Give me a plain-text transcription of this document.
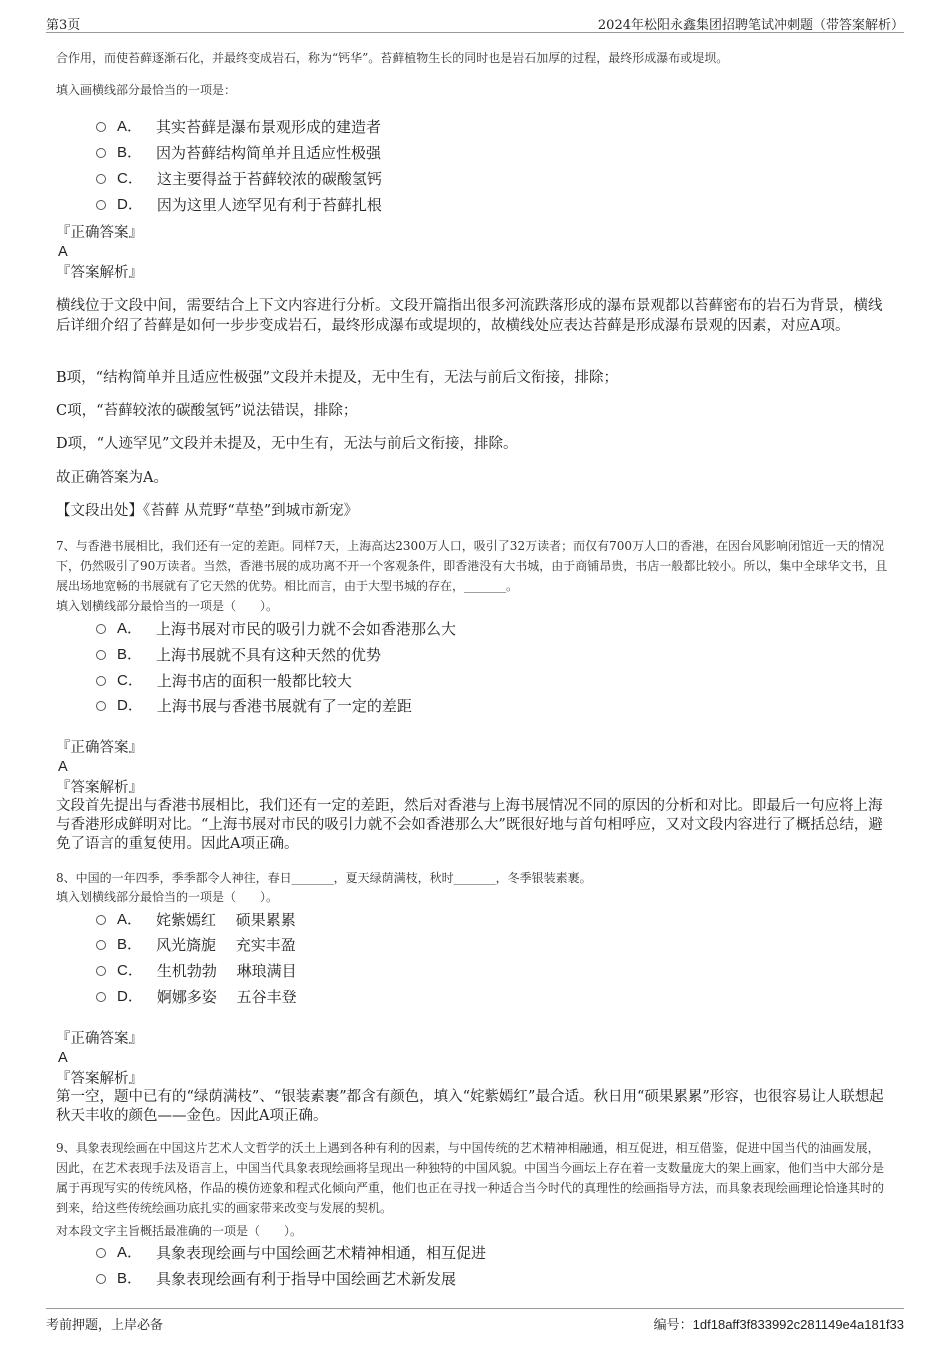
第3页	2024年松阳永鑫集团招聘笔试冲刺题（带答案解析）

合作用，而使苔藓逐渐石化，并最终变成岩石，称为“钙华”。苔藓植物生长的同时也是岩石加厚的过程，最终形成瀑布或堤坝。

填入画横线部分最恰当的一项是：

A． 其实苔藓是瀑布景观形成的建造者
B． 因为苔藓结构简单并且适应性极强
C． 这主要得益于苔藓较浓的碳酸氢钙
D． 因为这里人迹罕见有利于苔藓扎根

『正确答案』

A

『答案解析』

横线位于文段中间，需要结合上下文内容进行分析。文段开篇指出很多河流跌落形成的瀑布景观都以苔藓密布的岩石为背景，横线后详细介绍了苔藓是如何一步步变成岩石，最终形成瀑布或堤坝的，故横线处应表达苔藓是形成瀑布景观的因素，对应A项。

B项，“结构简单并且适应性极强”文段并未提及，无中生有，无法与前后文衔接，排除；

C项，“苔藓较浓的碳酸氢钙”说法错误，排除；

D项，“人迹罕见”文段并未提及，无中生有，无法与前后文衔接，排除。

故正确答案为A。

【文段出处】《苔藓 从荒野“草垫”到城市新宠》

7、与香港书展相比，我们还有一定的差距。同样7天，上海高达2300万人口，吸引了32万读者；而仅有700万人口的香港，在因台风影响闭馆近一天的情况下，仍然吸引了90万读者。当然，香港书展的成功离不开一个客观条件，即香港没有大书城，由于商铺昂贵，书店一般都比较小。所以，集中全球华文书，且展出场地宽畅的书展就有了它天然的优势。相比而言，由于大型书城的存在，_______。

填入划横线部分最恰当的一项是（　　）。

A． 上海书展对市民的吸引力就不会如香港那么大
B． 上海书展就不具有这种天然的优势
C． 上海书店的面积一般都比较大
D． 上海书展与香港书展就有了一定的差距

『正确答案』

A

『答案解析』

文段首先提出与香港书展相比，我们还有一定的差距，然后对香港与上海书展情况不同的原因的分析和对比。即最后一句应将上海与香港形成鲜明对比。“上海书展对市民的吸引力就不会如香港那么大”既很好地与首句相呼应，又对文段内容进行了概括总结，避免了语言的重复使用。因此A项正确。

8、中国的一年四季，季季都令人神往，春日_______，夏天绿荫满枝，秋时_______，冬季银装素裹。

填入划横线部分最恰当的一项是（　　）。

A． 姹紫嫣红　 硕果累累
B． 风光旖旎　 充实丰盈
C． 生机勃勃　 琳琅满目
D． 婀娜多姿　 五谷丰登

『正确答案』

A

『答案解析』

第一空，题中已有的“绿荫满枝”、“银装素裹”都含有颜色，填入“姹紫嫣红”最合适。秋日用“硕果累累”形容，也很容易让人联想起秋天丰收的颜色——金色。因此A项正确。

9、具象表现绘画在中国这片艺术人文哲学的沃土上遇到各种有利的因素，与中国传统的艺术精神相融通，相互促进，相互借鉴，促进中国当代的油画发展，因此，在艺术表现手法及语言上，中国当代具象表现绘画将呈现出一种独特的中国风貌。中国当今画坛上存在着一支数量庞大的架上画家，他们当中大部分是属于再现写实的传统风格，作品的模仿迹象和程式化倾向严重，他们也正在寻找一种适合当今时代的真理性的绘画指导方法，而具象表现绘画理论恰逢其时的到来，给这些传统绘画功底扎实的画家带来改变与发展的契机。

对本段文字主旨概括最准确的一项是（　　）。

A． 具象表现绘画与中国绘画艺术精神相通，相互促进
B． 具象表现绘画有利于指导中国绘画艺术新发展
考前押题，上岸必备	编号：1df18aff3f833992c281149e4a181f33
